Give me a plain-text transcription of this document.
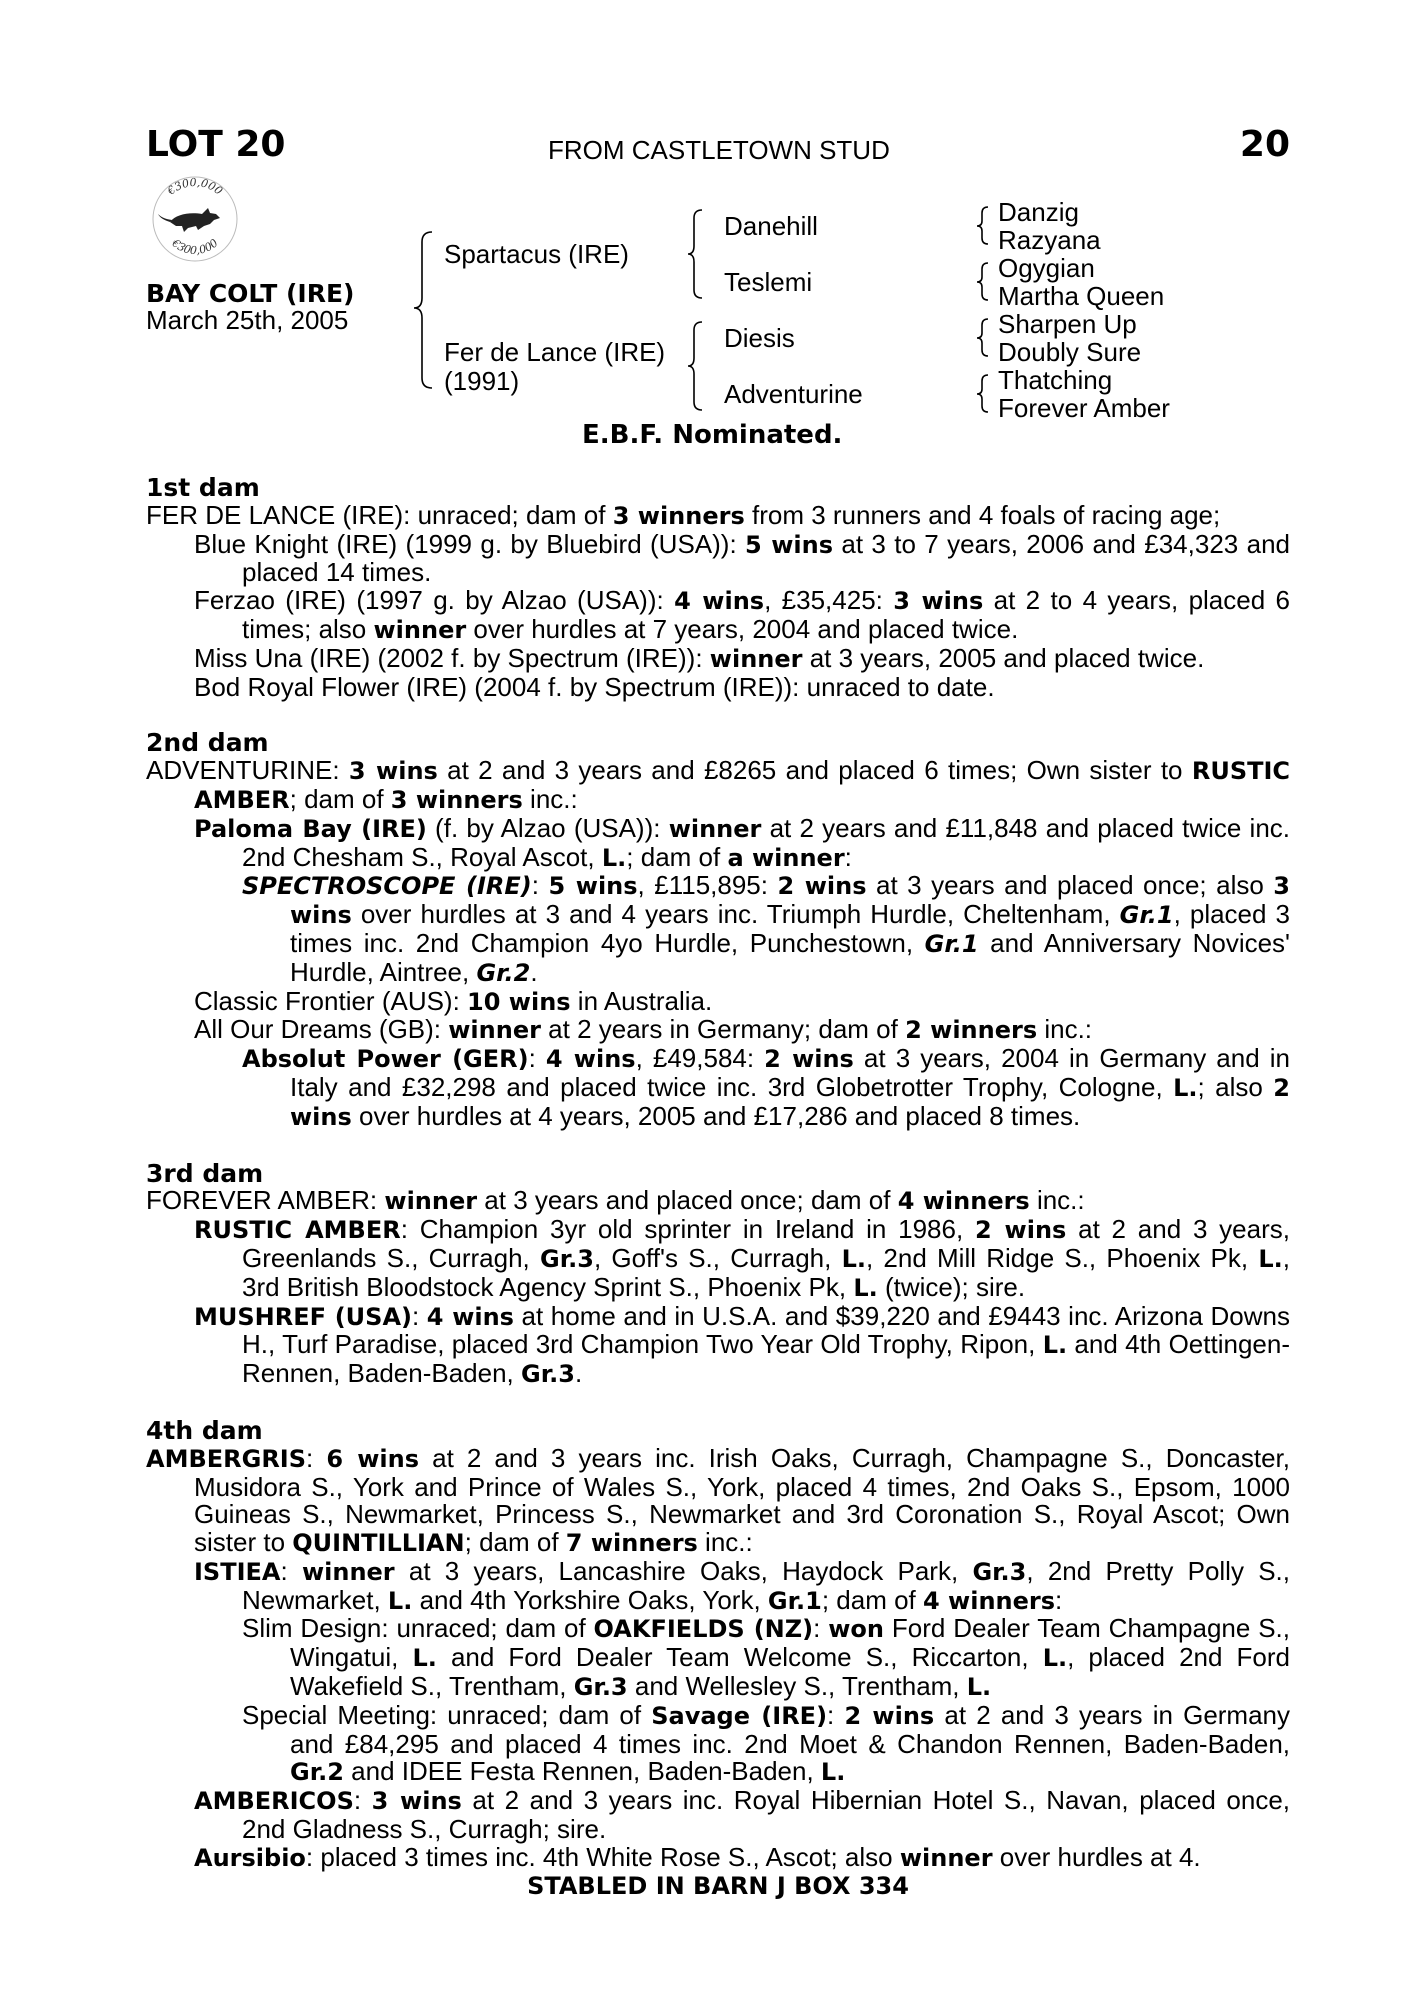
LOT 20	FROM CASTLETOWN STUD	20
€300,000
€300,000
BAY COLT (IRE)
March 25th, 2005
Spartacus (IRE)
Fer de Lance (IRE)
(1991)
Danehill
Teslemi
Diesis
Adventurine
Danzig
Razyana
Ogygian
Martha Queen
Sharpen Up
Doubly Sure
Thatching
Forever Amber
E.B.F. Nominated.
1st dam
FER DE LANCE (IRE): unraced; dam of 3 winners from 3 runners and 4 foals of racing age;
Blue Knight (IRE) (1999 g. by Bluebird (USA)): 5 wins at 3 to 7 years, 2006 and £34,323 and placed 14 times.
Ferzao (IRE) (1997 g. by Alzao (USA)): 4 wins, £35,425: 3 wins at 2 to 4 years, placed 6 times; also winner over hurdles at 7 years, 2004 and placed twice.
Miss Una (IRE) (2002 f. by Spectrum (IRE)): winner at 3 years, 2005 and placed twice.
Bod Royal Flower (IRE) (2004 f. by Spectrum (IRE)): unraced to date.
2nd dam
ADVENTURINE: 3 wins at 2 and 3 years and £8265 and placed 6 times; Own sister to RUSTIC AMBER; dam of 3 winners inc.:
Paloma Bay (IRE) (f. by Alzao (USA)): winner at 2 years and £11,848 and placed twice inc. 2nd Chesham S., Royal Ascot, L.; dam of a winner:
SPECTROSCOPE (IRE): 5 wins, £115,895: 2 wins at 3 years and placed once; also 3 wins over hurdles at 3 and 4 years inc. Triumph Hurdle, Cheltenham, Gr.1, placed 3 times inc. 2nd Champion 4yo Hurdle, Punchestown, Gr.1 and Anniversary Novices' Hurdle, Aintree, Gr.2.
Classic Frontier (AUS): 10 wins in Australia.
All Our Dreams (GB): winner at 2 years in Germany; dam of 2 winners inc.:
Absolut Power (GER): 4 wins, £49,584: 2 wins at 3 years, 2004 in Germany and in Italy and £32,298 and placed twice inc. 3rd Globetrotter Trophy, Cologne, L.; also 2 wins over hurdles at 4 years, 2005 and £17,286 and placed 8 times.
3rd dam
FOREVER AMBER: winner at 3 years and placed once; dam of 4 winners inc.:
RUSTIC AMBER: Champion 3yr old sprinter in Ireland in 1986, 2 wins at 2 and 3 years, Greenlands S., Curragh, Gr.3, Goff's S., Curragh, L., 2nd Mill Ridge S., Phoenix Pk, L., 3rd British Bloodstock Agency Sprint S., Phoenix Pk, L. (twice); sire.
MUSHREF (USA): 4 wins at home and in U.S.A. and $39,220 and £9443 inc. Arizona Downs H., Turf Paradise, placed 3rd Champion Two Year Old Trophy, Ripon, L. and 4th Oettingen-Rennen, Baden-Baden, Gr.3.
4th dam
AMBERGRIS: 6 wins at 2 and 3 years inc. Irish Oaks, Curragh, Champagne S., Doncaster, Musidora S., York and Prince of Wales S., York, placed 4 times, 2nd Oaks S., Epsom, 1000 Guineas S., Newmarket, Princess S., Newmarket and 3rd Coronation S., Royal Ascot; Own sister to QUINTILLIAN; dam of 7 winners inc.:
ISTIEA: winner at 3 years, Lancashire Oaks, Haydock Park, Gr.3, 2nd Pretty Polly S., Newmarket, L. and 4th Yorkshire Oaks, York, Gr.1; dam of 4 winners:
Slim Design: unraced; dam of OAKFIELDS (NZ): won Ford Dealer Team Champagne S., Wingatui, L. and Ford Dealer Team Welcome S., Riccarton, L., placed 2nd Ford Wakefield S., Trentham, Gr.3 and Wellesley S., Trentham, L.
Special Meeting: unraced; dam of Savage (IRE): 2 wins at 2 and 3 years in Germany and £84,295 and placed 4 times inc. 2nd Moet & Chandon Rennen, Baden-Baden, Gr.2 and IDEE Festa Rennen, Baden-Baden, L.
AMBERICOS: 3 wins at 2 and 3 years inc. Royal Hibernian Hotel S., Navan, placed once, 2nd Gladness S., Curragh; sire.
Aursibio: placed 3 times inc. 4th White Rose S., Ascot; also winner over hurdles at 4.
STABLED IN BARN J BOX 334
